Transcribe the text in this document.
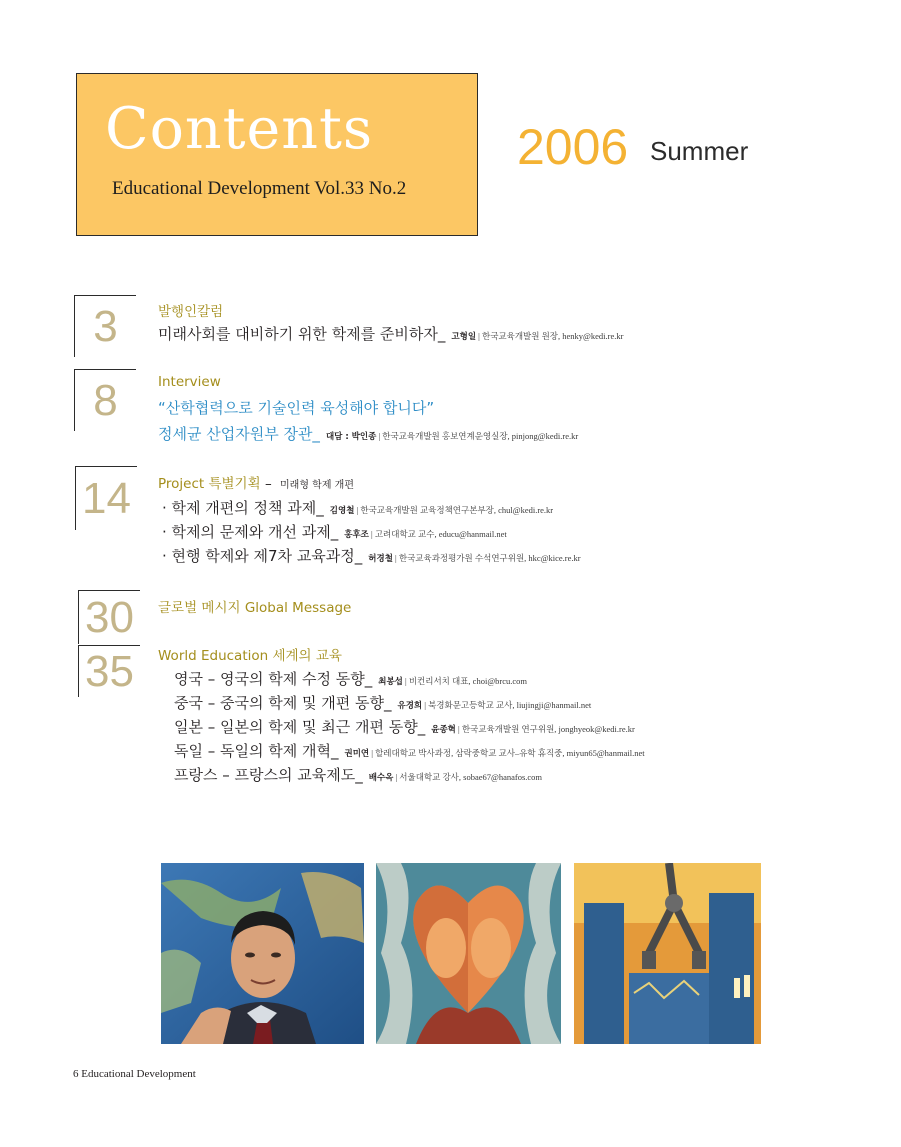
Contents
Educational Development Vol.33 No.2
2006 Summer
3	발행인칼럼
미래사회를 대비하기 위한 학제를 준비하자_ 고형일 | 한국교육개발원 원장, henky@kedi.re.kr
8	Interview
“산학협력으로 기술인력 육성해야 합니다”
정세균 산업자원부 장관_ 대담 : 박인종 | 한국교육개발원 홍보연계운영실장, pinjong@kedi.re.kr
14 Project 특별기획 – 미래형 학제 개편
· 학제 개편의 정책 과제_ 김영철 | 한국교육개발원 교육정책연구본부장, chul@kedi.re.kr
· 학제의 문제와 개선 과제_ 홍후조 | 고려대학교 교수, educu@hanmail.net
· 현행 학제와 제7차 교육과정_ 허경철 | 한국교육과정평가원 수석연구위원, hkc@kice.re.kr
30 글로벌 메시지 Global Message
35 World Education 세계의 교육
영국 – 영국의 학제 수정 동향_ 최봉섭 | 비컨리서치 대표, choi@brcu.com
중국 – 중국의 학제 및 개편 동향_ 유경희 | 북경화문고등학교 교사, liujingji@hanmail.net
일본 – 일본의 학제 및 최근 개편 동향_ 윤종혁 | 한국교육개발원 연구위원, jonghyeok@kedi.re.kr
독일 – 독일의 학제 개혁_ 권미연 | 할레대학교 박사과정, 삼락중학교 교사–유학 휴직중, miyun65@hanmail.net
프랑스 – 프랑스의 교육제도_ 배수옥 | 서울대학교 강사, sobae67@hanafos.com
6 Educational Development
